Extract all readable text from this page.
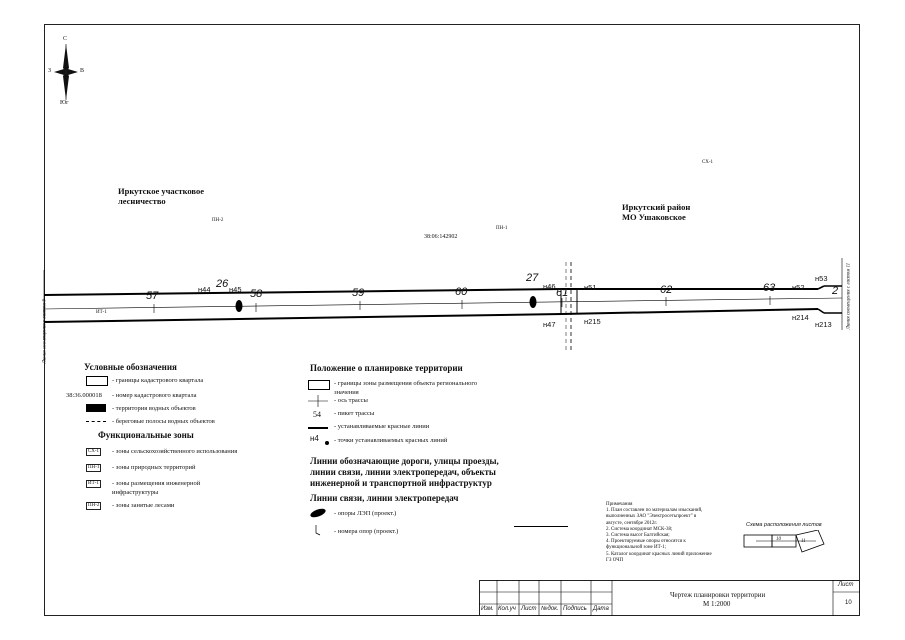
С
Юг
З	В
Иркутское участковое лесничество
Иркутский район
МО Ушаковское
СХ-1
ПН-2
ПН-1
ИТ-1
38:06:142902
Линия совмещения с листом 9
Линия совмещения с листом 11
57
26
58	59	60
27
61	62	63	2
н44 н45	н46
н47
н51
н215
н52
н214
н53
н213
Условные обозначения
- границы кадастрового квартала
38:36.000018 - номер кадастрового квартала
- территория водных объектов
- береговые полосы водных объектов
Функциональные зоны
СХ-1	- зоны сельскохозяйственного использования
ПН-1	- зоны природных территорий
ИТ-1	- зоны размещения инженерной
инфраструктуры
ПН-2	- зоны занятые лесами
Положение о планировке территории
- границы зоны размещения объекта регионального
значения
- ось трассы
54 - пикет трассы
- устанавливаемые красные линии
н4 - точки устанавливаемых красных линий
Линии обозначающие дороги, улицы проезды,
линии связи, линии электропередач, объекты
инженерной и транспортной инфраструктур
Линии связи, линии электропередач
- опоры ЛЭП (проект.)
- номера опор (проект.)
Примечания
1. План составлен по материалам изысканий,
выполненных ЗАО "Электросетьпроект" в
августе, сентябре 2012г.
2. Система координат МСК-38;
3. Система высот Балтийская;
4. Проектируемые опоры относятся к
функциональной зоне ИТ-1;
5. Каталог координат красных линий приложение
ГЗ ОЧП
Схема расположения листов
10	11
Изм. Кол.уч Лист №док. Подпись Дата
Чертеж планировки территории
М 1:2000
Лист
10
